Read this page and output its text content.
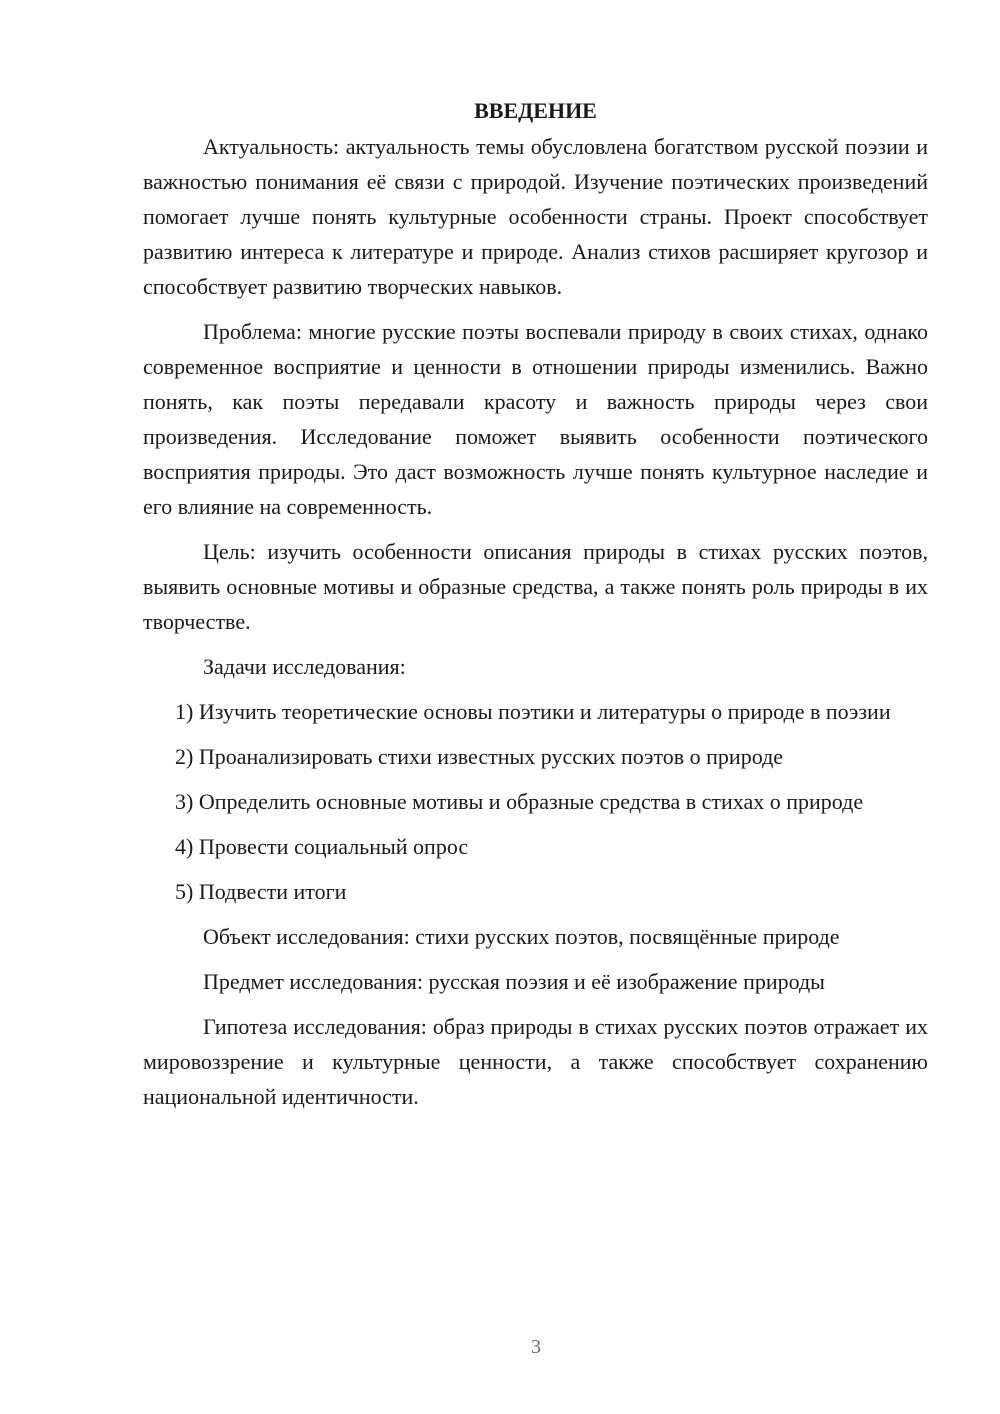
ВВЕДЕНИЕ

Актуальность: актуальность темы обусловлена богатством русской поэзии и важностью понимания её связи с природой. Изучение поэтических произведений помогает лучше понять культурные особенности страны. Проект способствует развитию интереса к литературе и природе. Анализ стихов расширяет кругозор и способствует развитию творческих навыков.

Проблема: многие русские поэты воспевали природу в своих стихах, однако современное восприятие и ценности в отношении природы изменились. Важно понять, как поэты передавали красоту и важность природы через свои произведения. Исследование поможет выявить особенности поэтического восприятия природы. Это даст возможность лучше понять культурное наследие и его влияние на современность.

Цель: изучить особенности описания природы в стихах русских поэтов, выявить основные мотивы и образные средства, а также понять роль природы в их творчестве.

Задачи исследования:

1) Изучить теоретические основы поэтики и литературы о природе в поэзии

2) Проанализировать стихи известных русских поэтов о природе

3) Определить основные мотивы и образные средства в стихах о природе

4) Провести социальный опрос

5) Подвести итоги

Объект исследования: стихи русских поэтов, посвящённые природе

Предмет исследования: русская поэзия и её изображение природы

Гипотеза исследования: образ природы в стихах русских поэтов отражает их мировоззрение и культурные ценности, а также способствует сохранению национальной идентичности.

3
